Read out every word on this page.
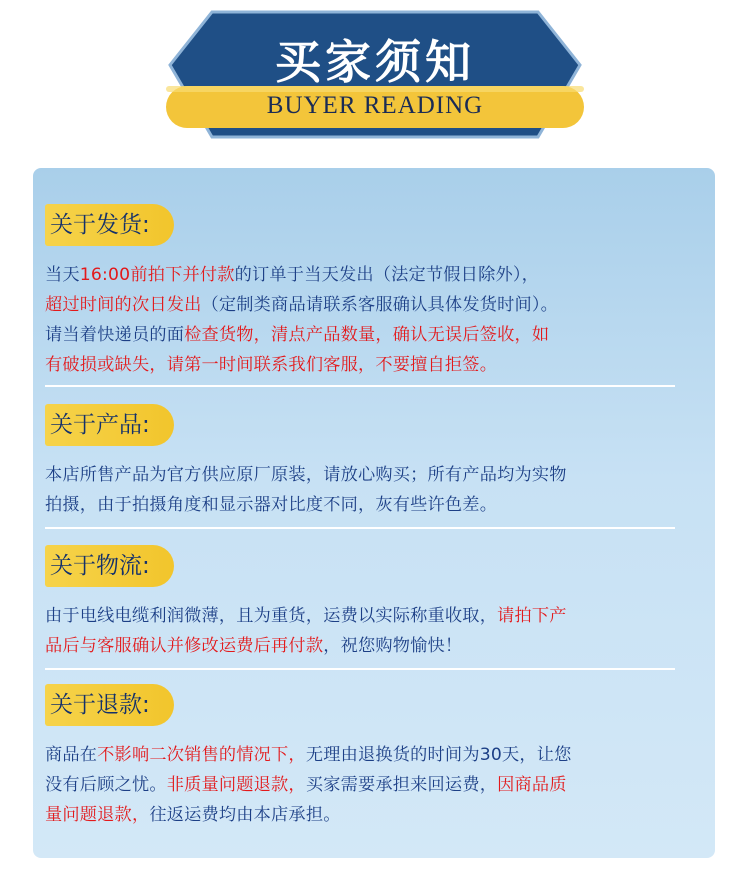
买家须知
BUYER READING
关于发货:
当天16:00前拍下并付款的订单于当天发出（法定节假日除外），
超过时间的次日发出（定制类商品请联系客服确认具体发货时间）。
请当着快递员的面检查货物，清点产品数量，确认无误后签收，如
有破损或缺失，请第一时间联系我们客服，不要擅自拒签。
关于产品:
本店所售产品为官方供应原厂原装，请放心购买；所有产品均为实物
拍摄，由于拍摄角度和显示器对比度不同，灰有些许色差。
关于物流:
由于电线电缆利润微薄，且为重货，运费以实际称重收取，请拍下产
品后与客服确认并修改运费后再付款，祝您购物愉快！
关于退款:
商品在不影响二次销售的情况下，无理由退换货的时间为30天，让您
没有后顾之忧。非质量问题退款，买家需要承担来回运费，因商品质
量问题退款，往返运费均由本店承担。
